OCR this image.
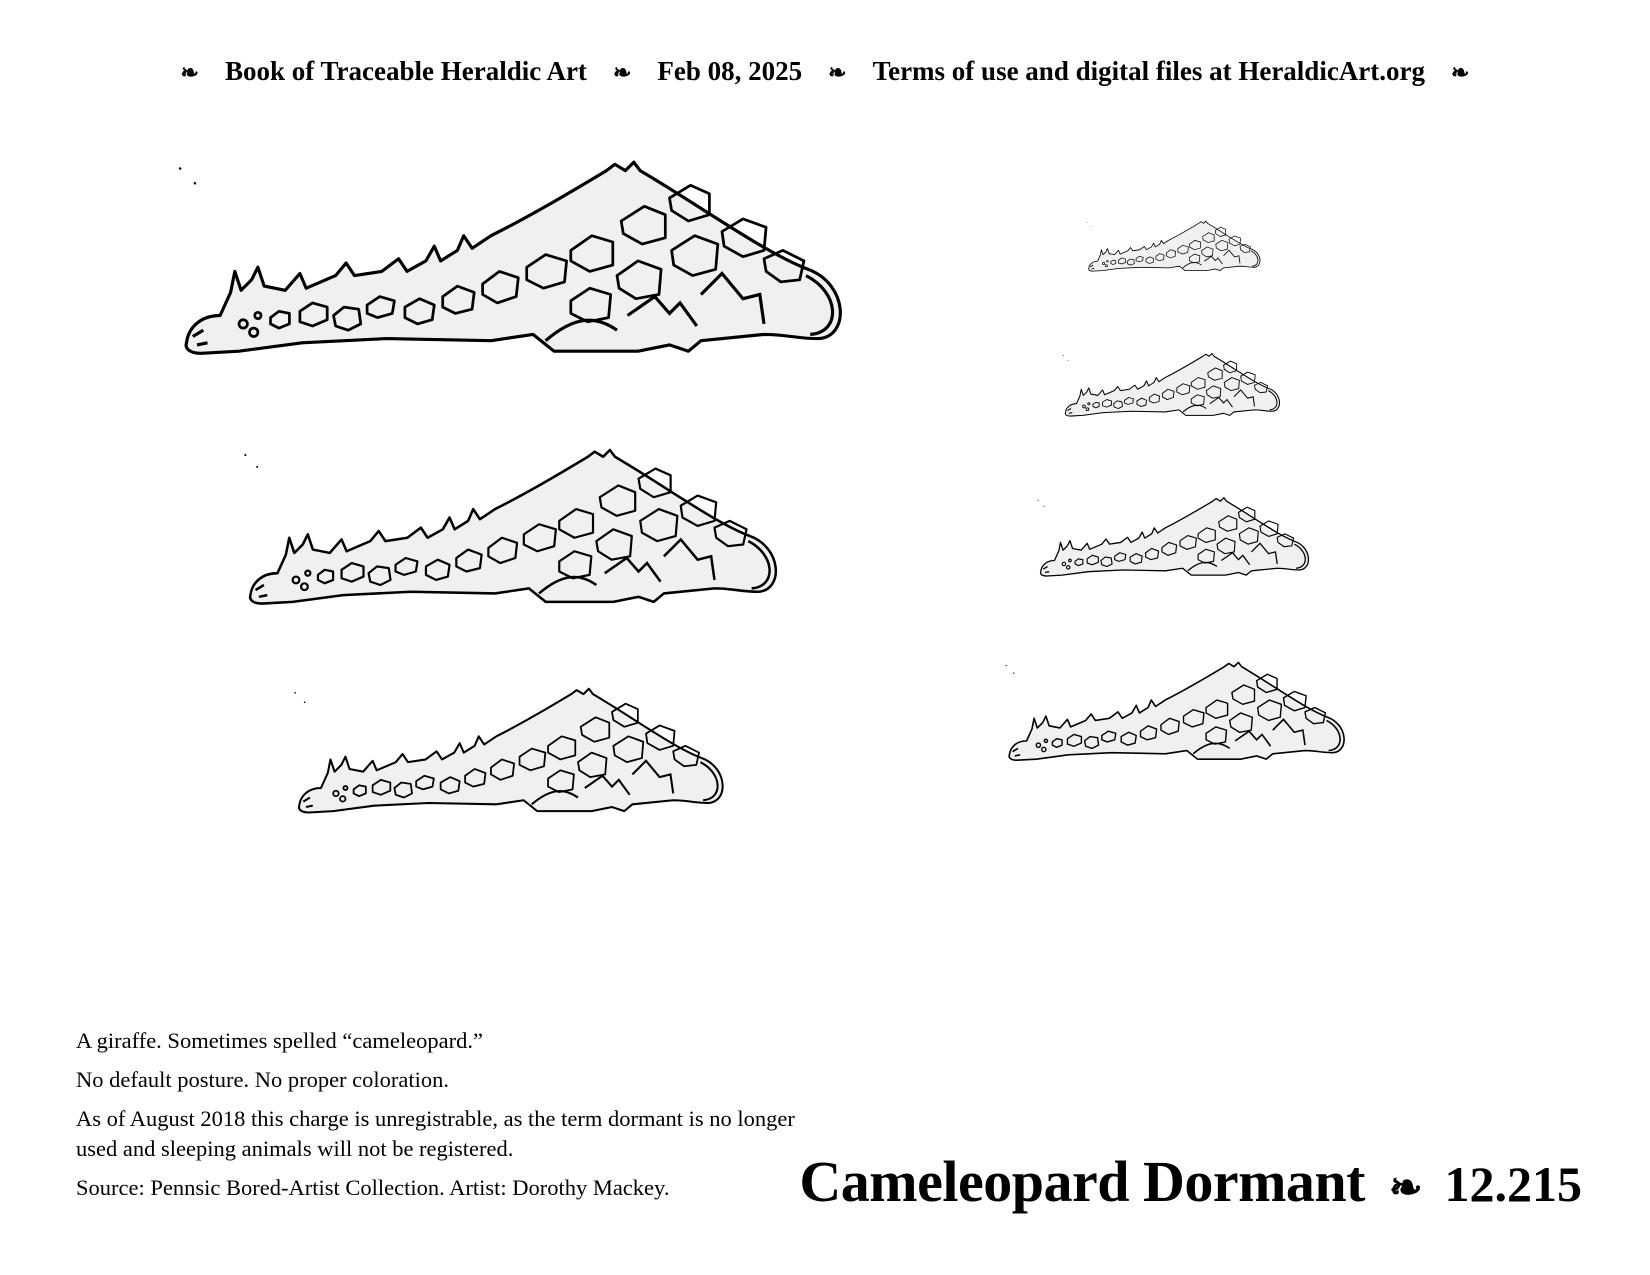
❧ Book of Traceable Heraldic Art ❧ Feb 08, 2025 ❧ Terms of use and digital files at HeraldicArt.org ❧

A giraffe. Sometimes spelled “cameleopard.”

No default posture. No proper coloration.

As of August 2018 this charge is unregistrable, as the term dormant is no longer used and sleeping animals will not be registered.

Source: Pennsic Bored-Artist Collection. Artist: Dorothy Mackey.	Cameleopard Dormant ❧ 12.215
